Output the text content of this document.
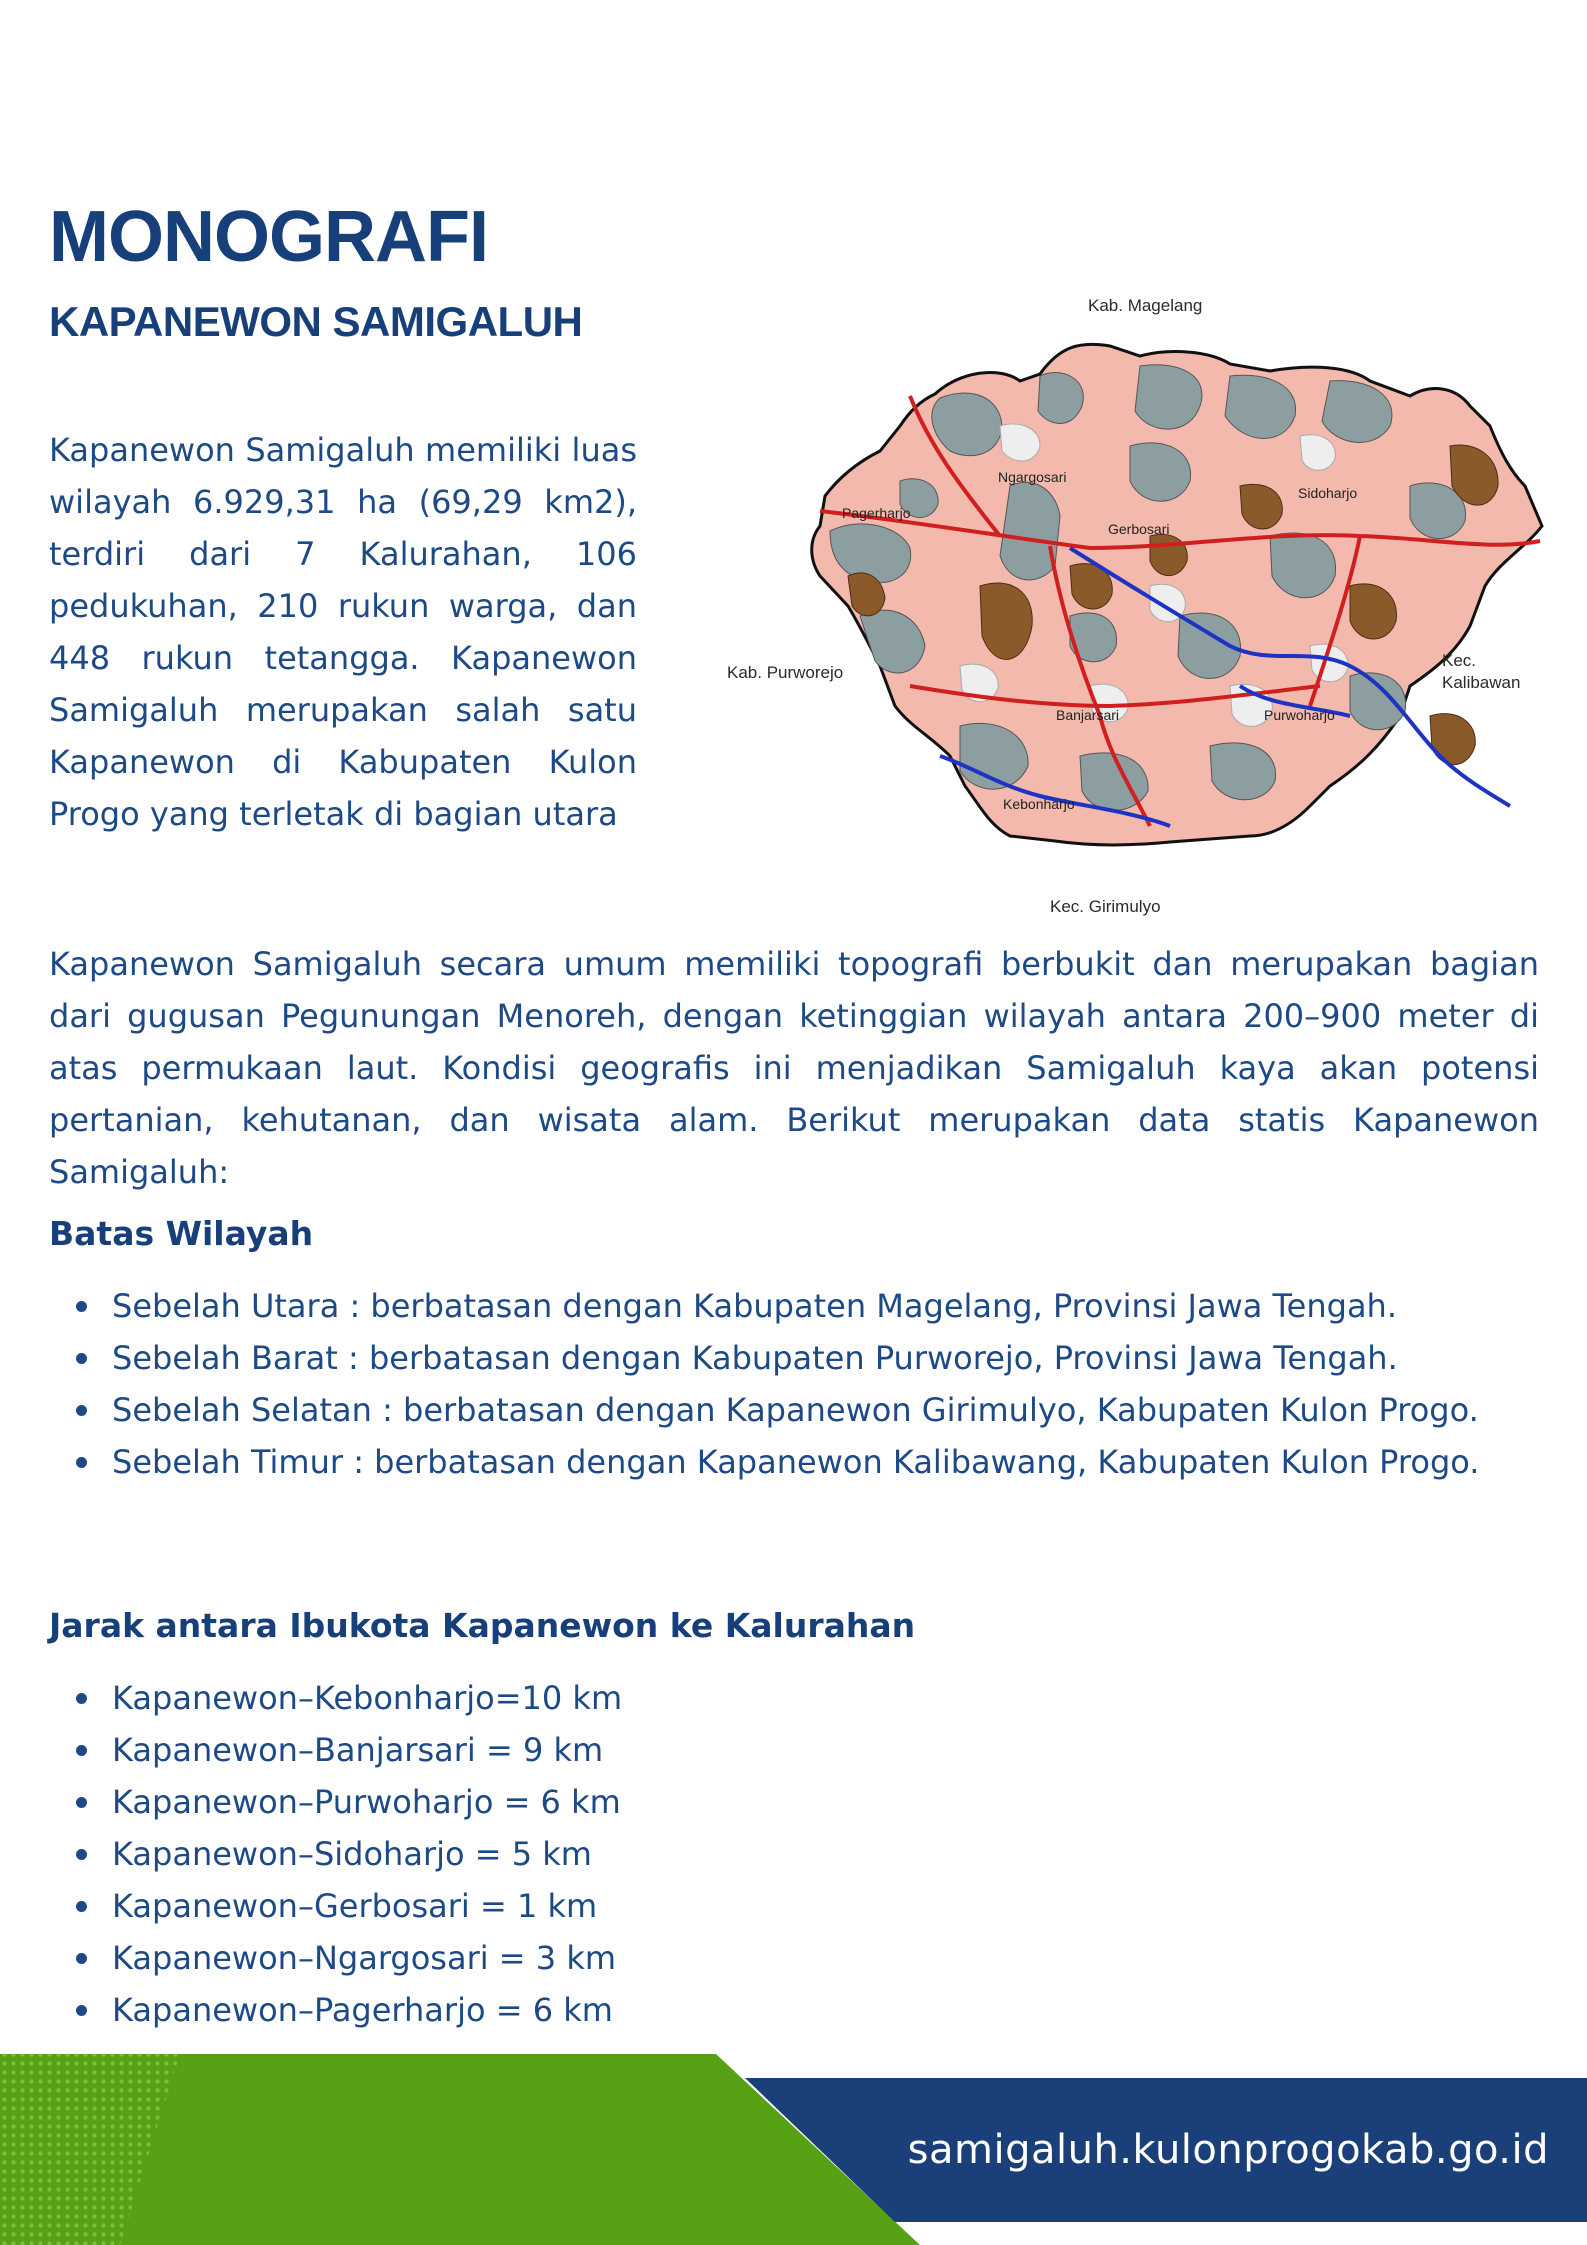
MONOGRAFI
KAPANEWON SAMIGALUH

Kapanewon Samigaluh memiliki luas wilayah 6.929,31 ha (69,29 km2), terdiri dari 7 Kalurahan, 106 pedukuhan, 210 rukun warga, dan 448 rukun tetangga. Kapanewon Samigaluh merupakan salah satu Kapanewon di Kabupaten Kulon Progo yang terletak di bagian utara

Kab. Magelang
Kab. Purworejo
Kec.
Kalibawan
Kec. Girimulyo
Ngargosari
Pagerharjo
Sidoharjo
Gerbosari
Banjarsari	Purwoharjo
Kebonharjo

Kapanewon Samigaluh secara umum memiliki topografi berbukit dan merupakan bagian dari gugusan Pegunungan Menoreh, dengan ketinggian wilayah antara 200–900 meter di atas permukaan laut. Kondisi geografis ini menjadikan Samigaluh kaya akan potensi pertanian, kehutanan, dan wisata alam. Berikut merupakan data statis Kapanewon Samigaluh:

Batas Wilayah
Sebelah Utara : berbatasan dengan Kabupaten Magelang, Provinsi Jawa Tengah.
Sebelah Barat : berbatasan dengan Kabupaten Purworejo, Provinsi Jawa Tengah.
Sebelah Selatan : berbatasan dengan Kapanewon Girimulyo, Kabupaten Kulon Progo.
Sebelah Timur : berbatasan dengan Kapanewon Kalibawang, Kabupaten Kulon Progo.
Jarak antara Ibukota Kapanewon ke Kalurahan
Kapanewon–Kebonharjo=10 km
Kapanewon–Banjarsari = 9 km
Kapanewon–Purwoharjo = 6 km
Kapanewon–Sidoharjo = 5 km
Kapanewon–Gerbosari = 1 km
Kapanewon–Ngargosari = 3 km
Kapanewon–Pagerharjo = 6 km
samigaluh.kulonprogokab.go.id
